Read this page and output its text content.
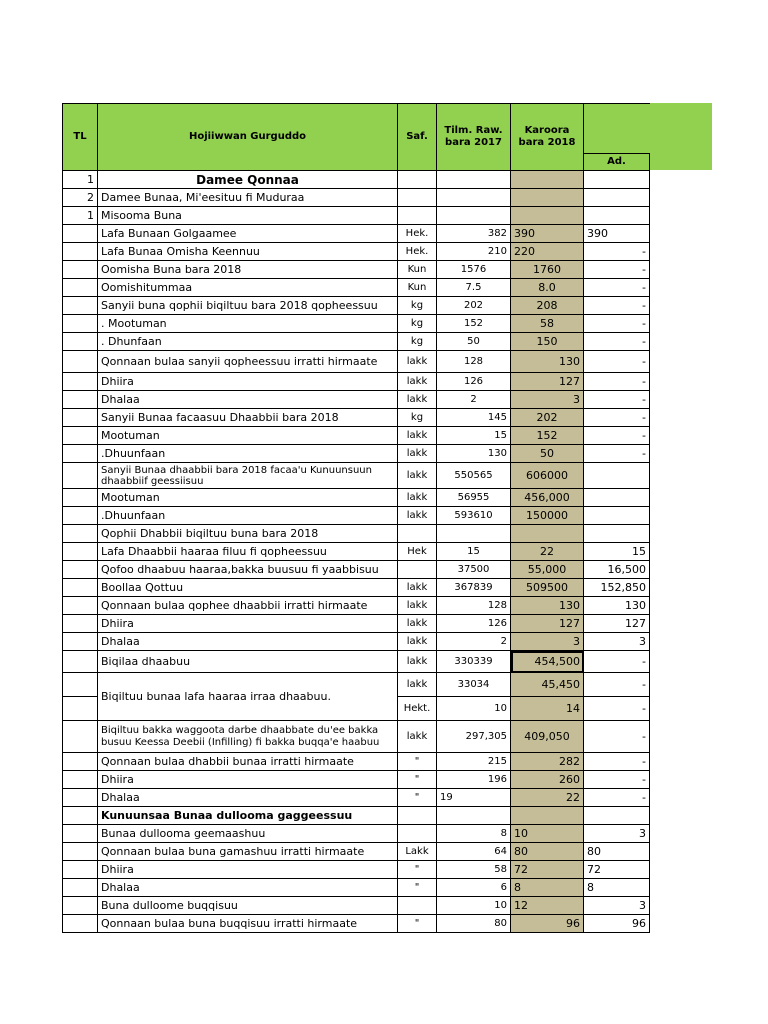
TL	Hojiiwwan Gurguddo	Saf.	Tilm. Raw. bara 2017	Karoora bara 2018	
					Ad.
1	Damee Qonnaa				
2	Damee Bunaa, Mi'eesituu fi Muduraa				
1	Misooma Buna				
	Lafa Bunaan Golgaamee	Hek.	382	390	390
	Lafa Bunaa Omisha Keennuu	Hek.	210	220	-
	Oomisha Buna bara 2018	Kun	1576	1760	-
	Oomishitummaa	Kun	7.5	8.0	-
	Sanyii buna qophii biqiltuu bara 2018 qopheessuu	kg	202	208	-
	. Mootuman	kg	152	58	-
	. Dhunfaan	kg	50	150	-
	Qonnaan bulaa sanyii qopheessuu irratti hirmaate	lakk	128	130	-
	Dhiira	lakk	126	127	-
	Dhalaa	lakk	2	3	-
	Sanyii Bunaa facaasuu Dhaabbii bara 2018	kg	145	202	-
	Mootuman	lakk	15	152	-
	.Dhuunfaan	lakk	130	50	-
	Sanyii Bunaa dhaabbii bara 2018 facaa'u Kunuunsuun dhaabbiif geessiisuu	lakk	550565	606000	
	Mootuman	lakk	56955	456,000	
	.Dhuunfaan	lakk	593610	150000	
	Qophii Dhabbii biqiltuu buna bara 2018				
	Lafa Dhaabbii haaraa filuu fi qopheessuu	Hek	15	22	15
	Qofoo dhaabuu haaraa,bakka buusuu fi yaabbisuu		37500	55,000	16,500
	Boollaa Qottuu	lakk	367839	509500	152,850
	Qonnaan bulaa qophee dhaabbii irratti hirmaate	lakk	128	130	130
	Dhiira	lakk	126	127	127
	Dhalaa	lakk	2	3	3
	Biqilaa dhaabuu	lakk	330339	454,500	-
	Biqiltuu bunaa lafa haaraa irraa dhaabuu.	lakk	33034	45,450	-
		Hekt.	10	14	-
	Biqiltuu bakka waggoota darbe dhaabbate du'ee bakka busuu Keessa Deebii (Infilling) fi bakka buqqa'e haabuu	lakk	297,305	409,050	-
	Qonnaan bulaa dhabbii bunaa irratti hirmaate	"	215	282	-
	Dhiira	"	196	260	-
	Dhalaa	"	19	22	-
	Kunuunsaa Bunaa dullooma gaggeessuu				
	Bunaa dullooma geemaashuu		8	10	3
	Qonnaan bulaa buna gamashuu irratti hirmaate	Lakk	64	80	80
	Dhiira	"	58	72	72
	Dhalaa	"	6	8	8
	Buna dulloome buqqisuu		10	12	3
	Qonnaan bulaa buna buqqisuu irratti hirmaate	"	80	96	96
